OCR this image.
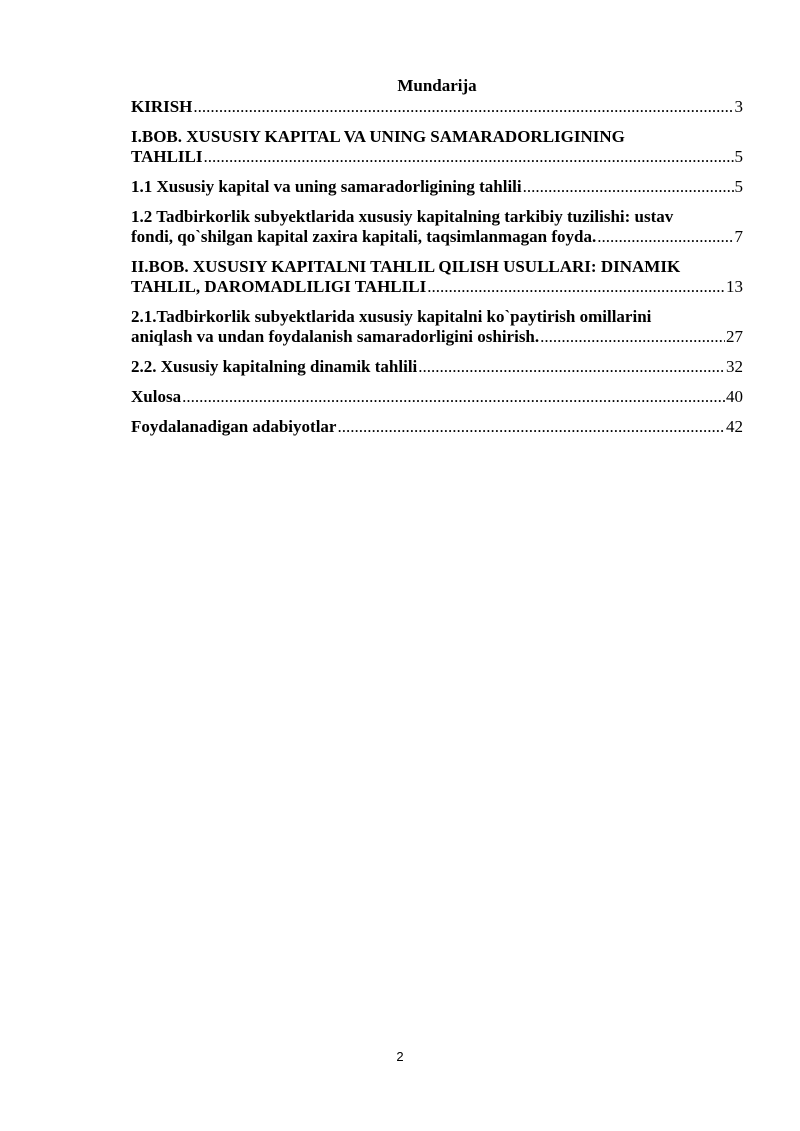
Mundarija
KIRISH .....	3
I.BOB. XUSUSIY KAPITAL VA UNING SAMARADORLIGINING
TAHLILI .....	5
1.1 Xususiy kapital va uning samaradorligining tahlili .....	5
1.2 Tadbirkorlik subyektlarida xususiy kapitalning tarkibiy tuzilishi: ustav
fondi, qo`shilgan kapital zaxira kapitali, taqsimlanmagan foyda. .....	7
II.BOB. XUSUSIY KAPITALNI TAHLIL QILISH USULLARI: DINAMIK
TAHLIL, DAROMADLILIGI TAHLILI .....	13
2.1.Tadbirkorlik subyektlarida xususiy kapitalni ko`paytirish omillarini
aniqlash va undan foydalanish samaradorligini oshirish. .....	27
2.2. Xususiy kapitalning dinamik tahlili .....	32
Xulosa .....	40
Foydalanadigan adabiyotlar .....	42
2
